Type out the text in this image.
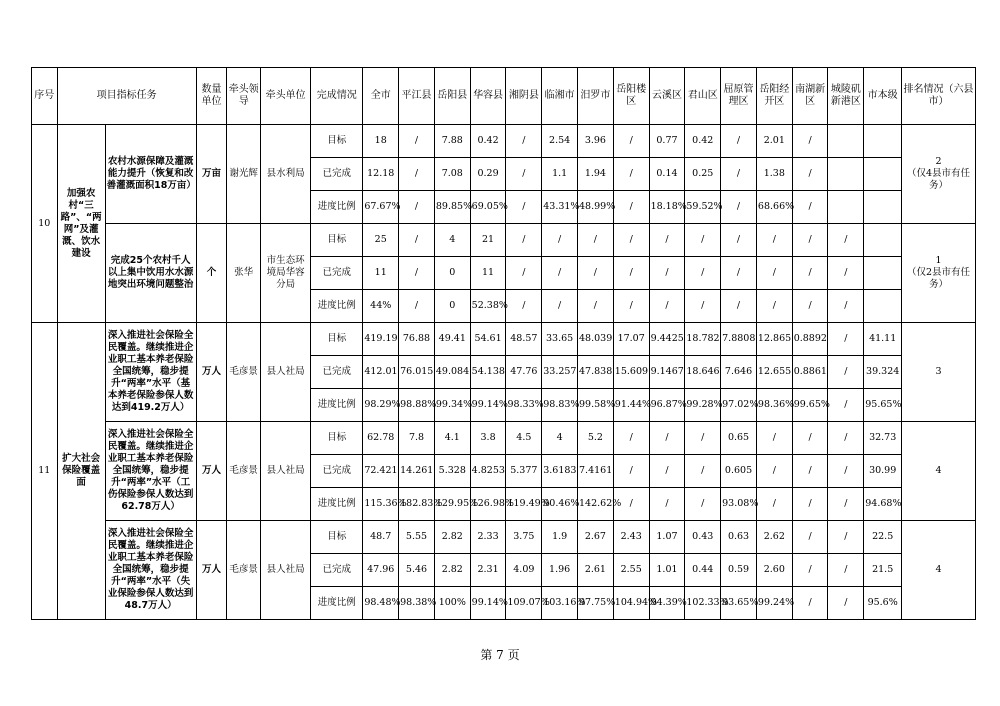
序号	项目指标任务		数量单位	牵头领导	牵头单位	完成情况	全市	平江县	岳阳县	华容县	湘阴县	临湘市	汨罗市	岳阳楼区	云溪区	君山区	屈原管理区	岳阳经开区	南湖新区	城陵矶新港区	市本级	排名情况（六县市）
10	加强农村“三路”、“两网”及灌溉、饮水建设	农村水源保障及灌溉能力提升（恢复和改善灌溉面积18万亩）	万亩	谢光辉	县水利局	目标	18	/	7.88	0.42	/	2.54	3.96	/	0.77	0.42	/	2.01	/			2
（仅4县市有任务）
						已完成	12.18	/	7.08	0.29	/	1.1	1.94	/	0.14	0.25	/	1.38	/			
						进度比例	67.67%	/	89.85%	69.05%	/	43.31%	48.99%	/	18.18%	59.52%	/	68.66%	/			
		完成25个农村千人以上集中饮用水水源地突出环境问题整治	个	张华	市生态环境局华容分局	目标	25	/	4	21	/	/	/	/	/	/	/	/	/	/		1
（仅2县市有任务）
						已完成	11	/	0	11	/	/	/	/	/	/	/	/	/	/		
						进度比例	44%	/	0	52.38%	/	/	/	/	/	/	/	/	/	/		
11	扩大社会保险覆盖面	深入推进社会保险全民覆盖。继续推进企业职工基本养老保险全国统筹，稳步提升“两率”水平（基本养老保险参保人数达到419.2万人）	万人	毛彦景	县人社局	目标	419.19	76.88	49.41	54.61	48.57	33.65	48.039	17.07	9.4425	18.782	7.8808	12.865	0.8892	/	41.11	3
						已完成	412.01	76.015	49.084	54.138	47.76	33.257	47.838	15.609	9.1467	18.646	7.646	12.655	0.8861	/	39.324	
						进度比例	98.29%	98.88%	99.34%	99.14%	98.33%	98.83%	99.58%	91.44%	96.87%	99.28%	97.02%	98.36%	99.65%	/	95.65%	
		深入推进社会保险全民覆盖。继续推进企业职工基本养老保险全国统筹，稳步提升“两率”水平（工伤保险参保人数达到62.78万人）	万人	毛彦景	县人社局	目标	62.78	7.8	4.1	3.8	4.5	4	5.2	/	/	/	0.65	/	/	/	32.73	4
						已完成	72.421	14.261	5.328	4.8253	5.377	3.6183	7.4161	/	/	/	0.605	/	/	/	30.99	
						进度比例	115.36%	182.83%	129.95%	126.98%	119.49%	90.46%	142.62%	/	/	/	93.08%	/	/	/	94.68%	
		深入推进社会保险全民覆盖。继续推进企业职工基本养老保险全国统筹，稳步提升“两率”水平（失业保险参保人数达到48.7万人）	万人	毛彦景	县人社局	目标	48.7	5.55	2.82	2.33	3.75	1.9	2.67	2.43	1.07	0.43	0.63	2.62	/	/	22.5	4
						已完成	47.96	5.46	2.82	2.31	4.09	1.96	2.61	2.55	1.01	0.44	0.59	2.60	/	/	21.5	
						进度比例	98.48%	98.38%	100%	99.14%	109.07%	103.16%	97.75%	104.94%	94.39%	102.33%	93.65%	99.24%	/	/	95.6%	
第 7 页
